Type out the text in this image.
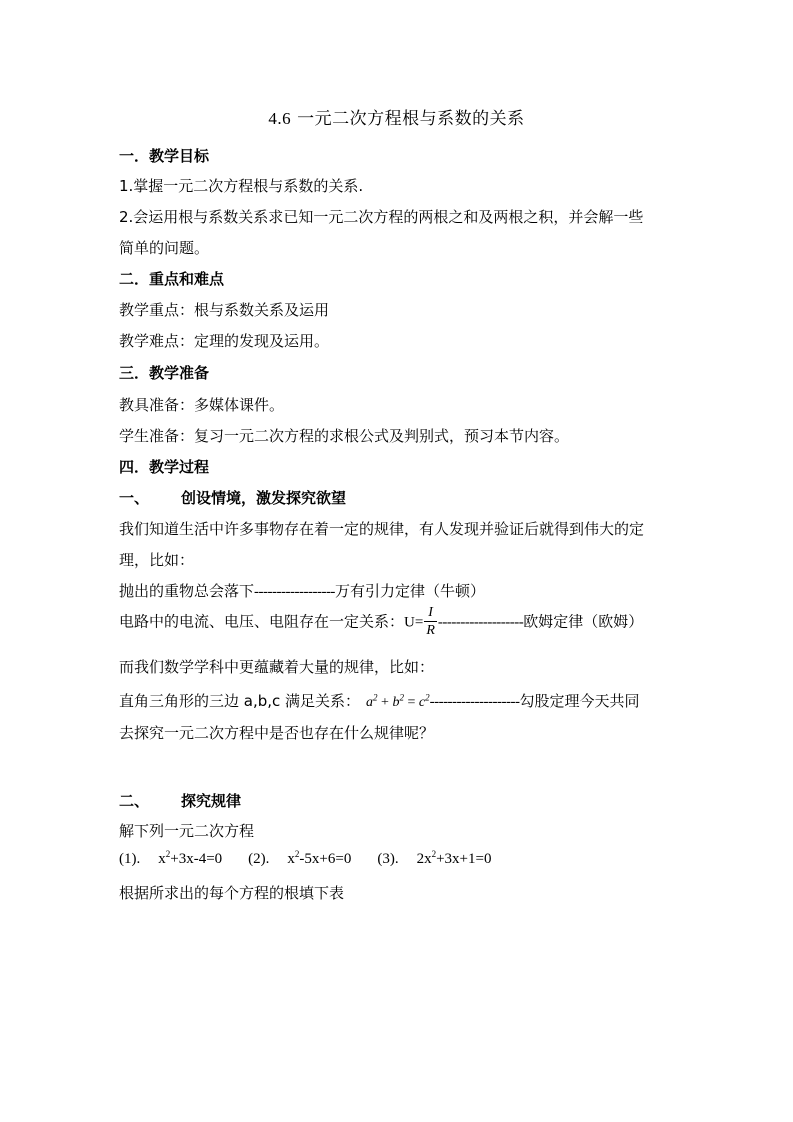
4.6 一元二次方程根与系数的关系
一．教学目标
1.掌握一元二次方程根与系数的关系.
2.会运用根与系数关系求已知一元二次方程的两根之和及两根之积，并会解一些
简单的问题。
二．重点和难点
教学重点：根与系数关系及运用
教学难点：定理的发现及运用。
三．教学准备
教具准备：多媒体课件。
学生准备：复习一元二次方程的求根公式及判别式，预习本节内容。
四．教学过程
一、 创设情境，激发探究欲望
我们知道生活中许多事物存在着一定的规律，有人发现并验证后就得到伟大的定
理，比如：
抛出的重物总会落下------------------万有引力定律（牛顿）
电路中的电流、电压、电阻存在一定关系：$U= \frac{I}{R}$ -------------------欧姆定律（欧姆）
而我们数学学科中更蕴藏着大量的规律，比如：
直角三角形的三边 a,b,c 满足关系： $a^2 + b^2 = c^2--------------------$勾股定理今天共同
去探究一元二次方程中是否也存在什么规律呢？
二、 探究规律
解下列一元二次方程
(1). $x^2+3x-4=0$ (2). $x^2-5x+6=0$ (3). $2x^2+3x+1=0$
根据所求出的每个方程的根填下表
